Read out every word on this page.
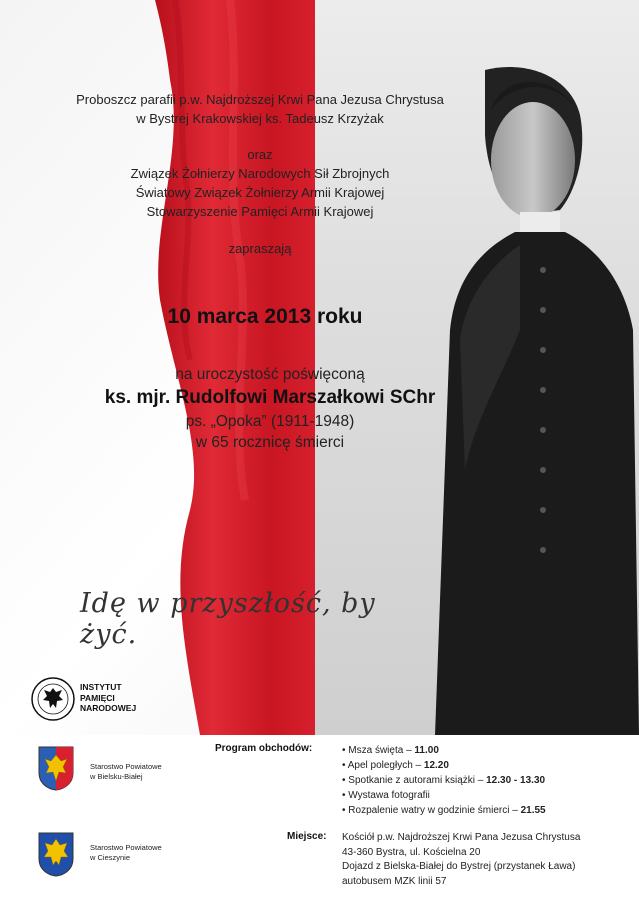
Proboszcz parafii p.w. Najdroższej Krwi Pana Jezusa Chrystusa
w Bystrej Krakowskiej ks. Tadeusz Krzyżak
oraz
Związek Żołnierzy Narodowych Sił Zbrojnych
Światowy Związek Żołnierzy Armii Krajowej
Stowarzyszenie Pamięci Armii Krajowej
zapraszają
10 marca 2013 roku
na uroczystość poświęconą
ks. mjr. Rudolfowi Marszałkowi SChr
ps. „Opoka” (1911-1948)
w 65 rocznicę śmierci
Idę w przyszłość, by żyć.
INSTYTUT
PAMIĘCI
NARODOWEJ
Starostwo Powiatowe
w Bielsku-Białej
Starostwo Powiatowe
w Cieszynie
Program obchodów:	• Msza święta – 11.00
• Apel poległych – 12.20
• Spotkanie z autorami książki – 12.30 - 13.30
• Wystawa fotografii
• Rozpalenie watry w godzinie śmierci – 21.55
Miejsce: Kościół p.w. Najdroższej Krwi Pana Jezusa Chrystusa
43-360 Bystra, ul. Kościelna 20
Dojazd z Bielska-Białej do Bystrej (przystanek Ława)
autobusem MZK linii 57
